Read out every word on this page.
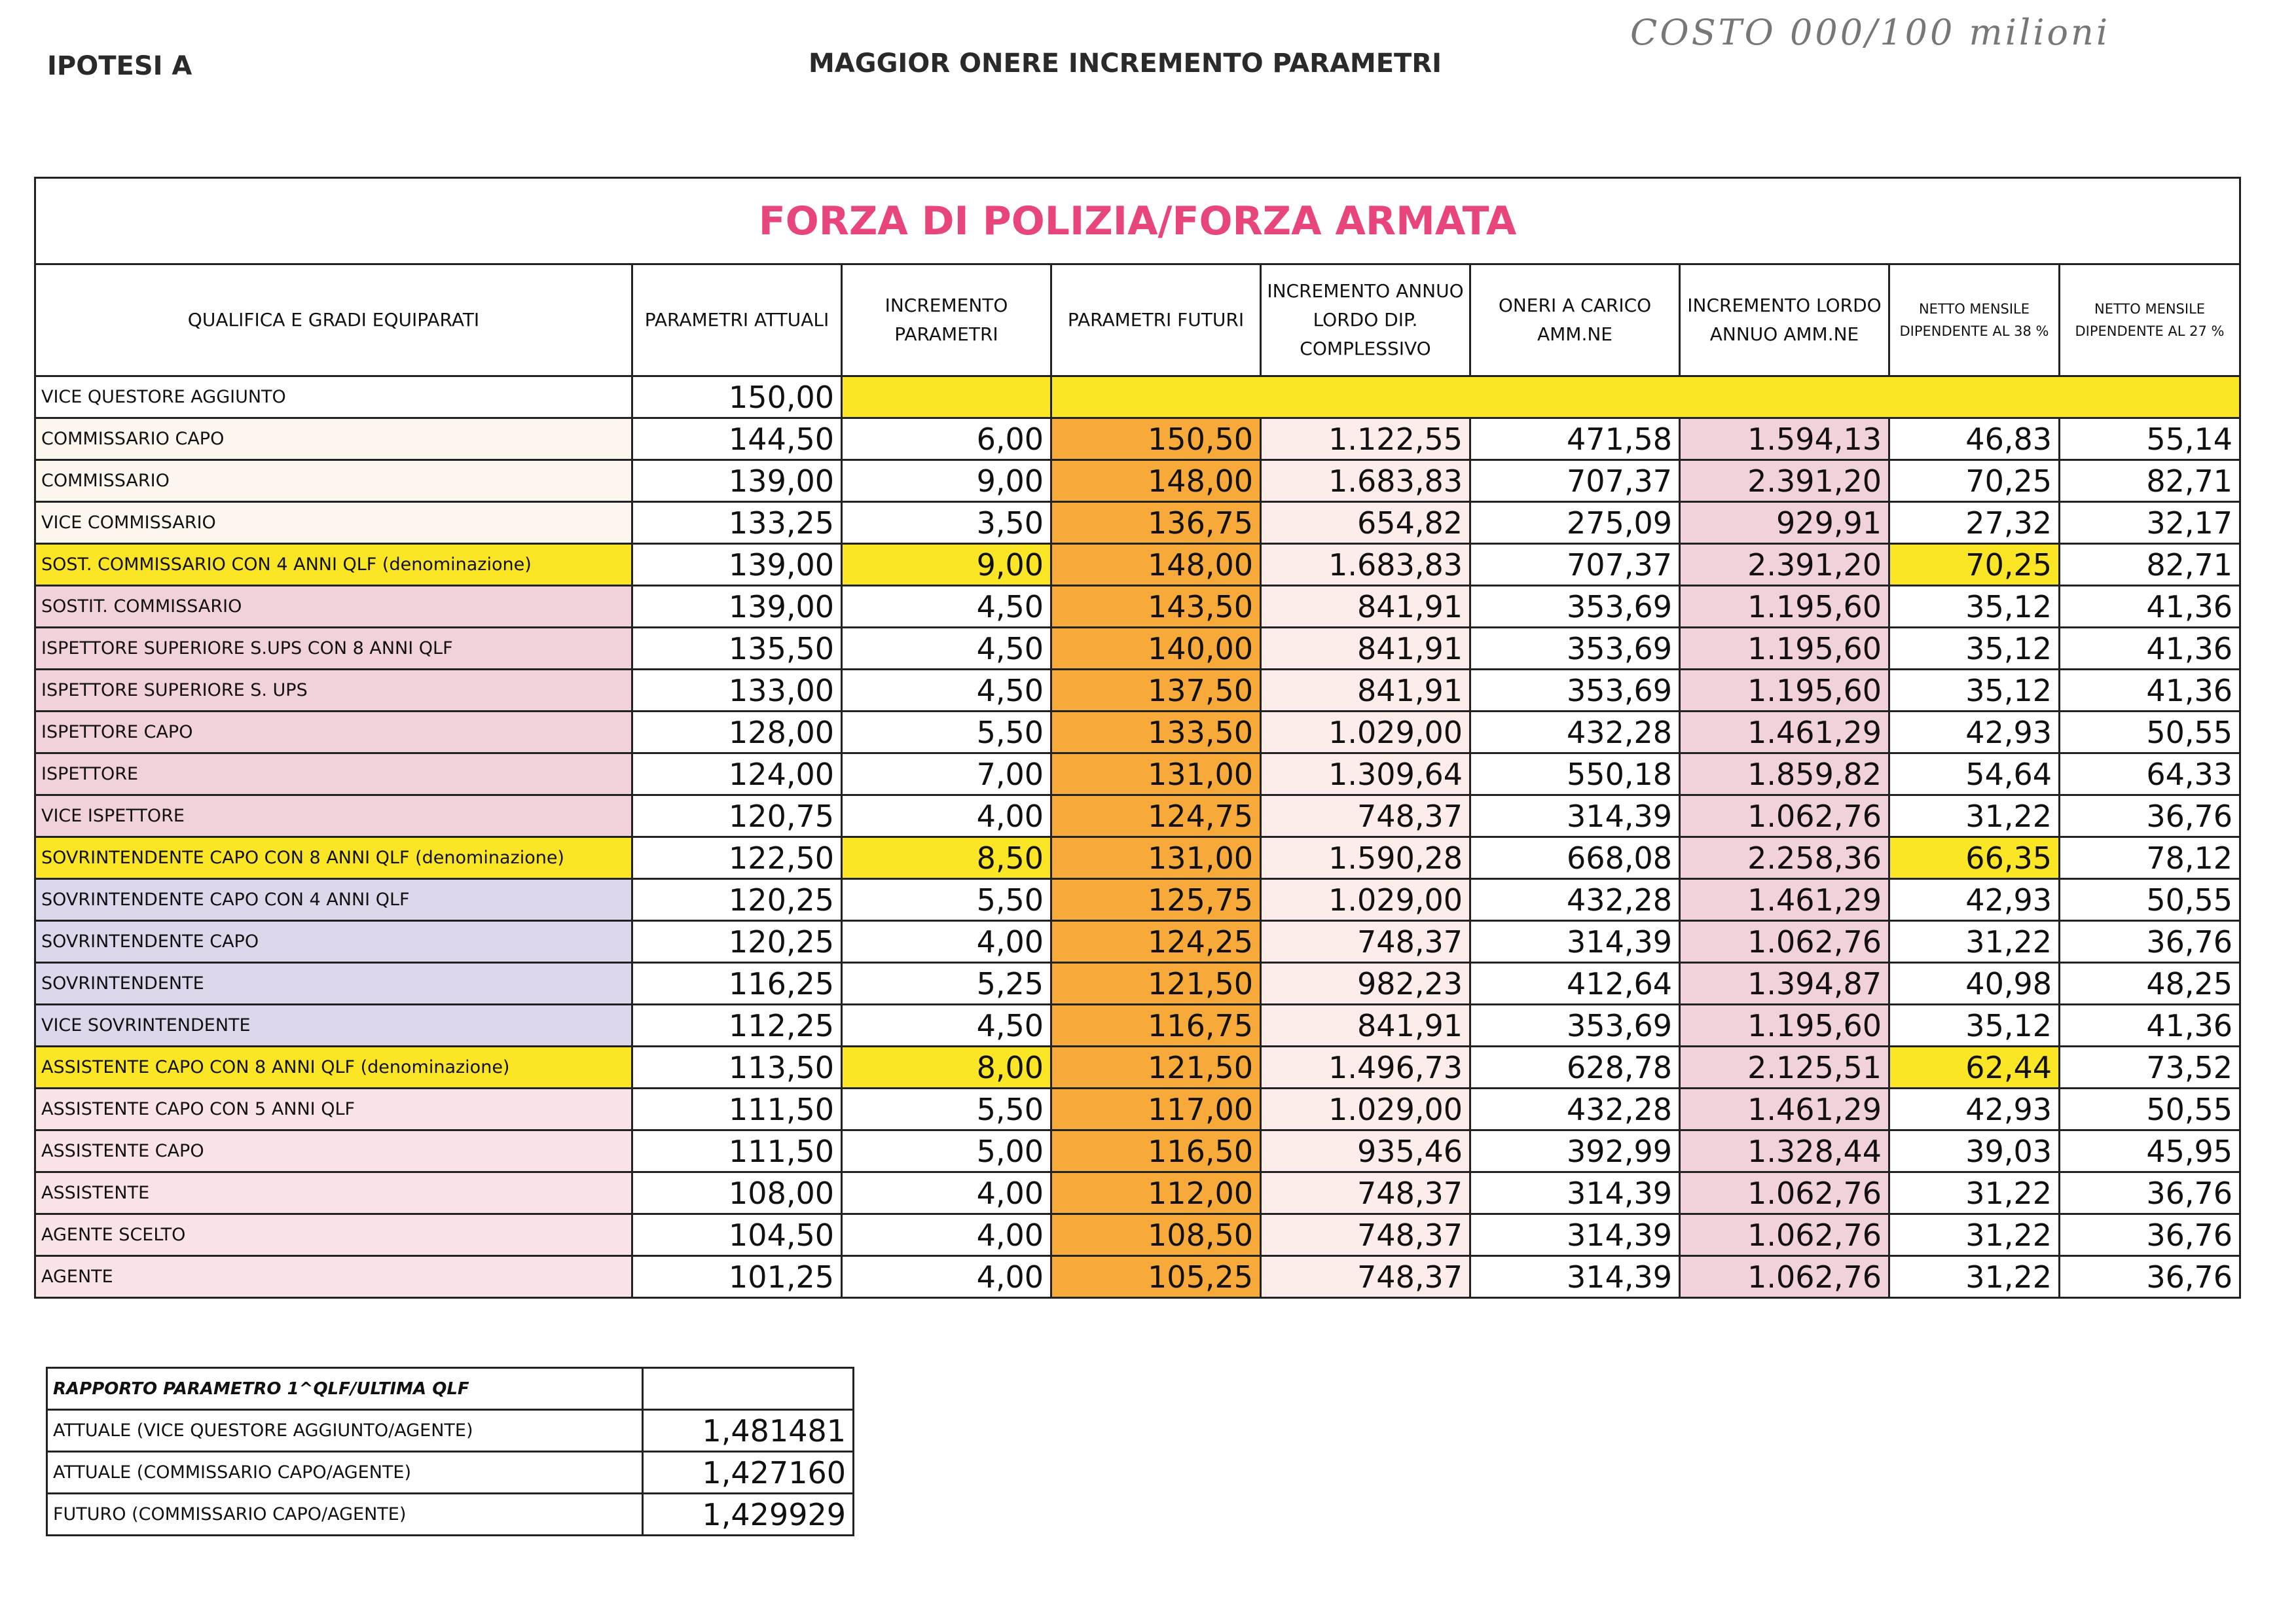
IPOTESI A	MAGGIOR ONERE INCREMENTO PARAMETRI
COSTO 000/100 milioni
FORZA DI POLIZIA/FORZA ARMATA								
QUALIFICA E GRADI EQUIPARATI	PARAMETRI ATTUALI	INCREMENTO PARAMETRI	PARAMETRI FUTURI	INCREMENTO ANNUO LORDO DIP. COMPLESSIVO	ONERI A CARICO AMM.NE	INCREMENTO LORDO ANNUO AMM.NE	NETTO MENSILE DIPENDENTE AL 38 %	NETTO MENSILE DIPENDENTE AL 27 %
VICE QUESTORE AGGIUNTO	150,00							
COMMISSARIO CAPO	144,50	6,00	150,50	1.122,55	471,58	1.594,13	46,83	55,14
COMMISSARIO	139,00	9,00	148,00	1.683,83	707,37	2.391,20	70,25	82,71
VICE COMMISSARIO	133,25	3,50	136,75	654,82	275,09	929,91	27,32	32,17
SOST. COMMISSARIO CON 4 ANNI QLF (denominazione)	139,00	9,00	148,00	1.683,83	707,37	2.391,20	70,25	82,71
SOSTIT. COMMISSARIO	139,00	4,50	143,50	841,91	353,69	1.195,60	35,12	41,36
ISPETTORE SUPERIORE S.UPS CON 8 ANNI QLF	135,50	4,50	140,00	841,91	353,69	1.195,60	35,12	41,36
ISPETTORE SUPERIORE S. UPS	133,00	4,50	137,50	841,91	353,69	1.195,60	35,12	41,36
ISPETTORE CAPO	128,00	5,50	133,50	1.029,00	432,28	1.461,29	42,93	50,55
ISPETTORE	124,00	7,00	131,00	1.309,64	550,18	1.859,82	54,64	64,33
VICE ISPETTORE	120,75	4,00	124,75	748,37	314,39	1.062,76	31,22	36,76
SOVRINTENDENTE CAPO CON 8 ANNI QLF (denominazione)	122,50	8,50	131,00	1.590,28	668,08	2.258,36	66,35	78,12
SOVRINTENDENTE CAPO CON 4 ANNI QLF	120,25	5,50	125,75	1.029,00	432,28	1.461,29	42,93	50,55
SOVRINTENDENTE CAPO	120,25	4,00	124,25	748,37	314,39	1.062,76	31,22	36,76
SOVRINTENDENTE	116,25	5,25	121,50	982,23	412,64	1.394,87	40,98	48,25
VICE SOVRINTENDENTE	112,25	4,50	116,75	841,91	353,69	1.195,60	35,12	41,36
ASSISTENTE CAPO CON 8 ANNI QLF (denominazione)	113,50	8,00	121,50	1.496,73	628,78	2.125,51	62,44	73,52
ASSISTENTE CAPO CON 5 ANNI QLF	111,50	5,50	117,00	1.029,00	432,28	1.461,29	42,93	50,55
ASSISTENTE CAPO	111,50	5,00	116,50	935,46	392,99	1.328,44	39,03	45,95
ASSISTENTE	108,00	4,00	112,00	748,37	314,39	1.062,76	31,22	36,76
AGENTE SCELTO	104,50	4,00	108,50	748,37	314,39	1.062,76	31,22	36,76
AGENTE	101,25	4,00	105,25	748,37	314,39	1.062,76	31,22	36,76
RAPPORTO PARAMETRO 1^QLF/ULTIMA QLF	
ATTUALE (VICE QUESTORE AGGIUNTO/AGENTE)	1,481481
ATTUALE (COMMISSARIO CAPO/AGENTE)	1,427160
FUTURO (COMMISSARIO CAPO/AGENTE)	1,429929
